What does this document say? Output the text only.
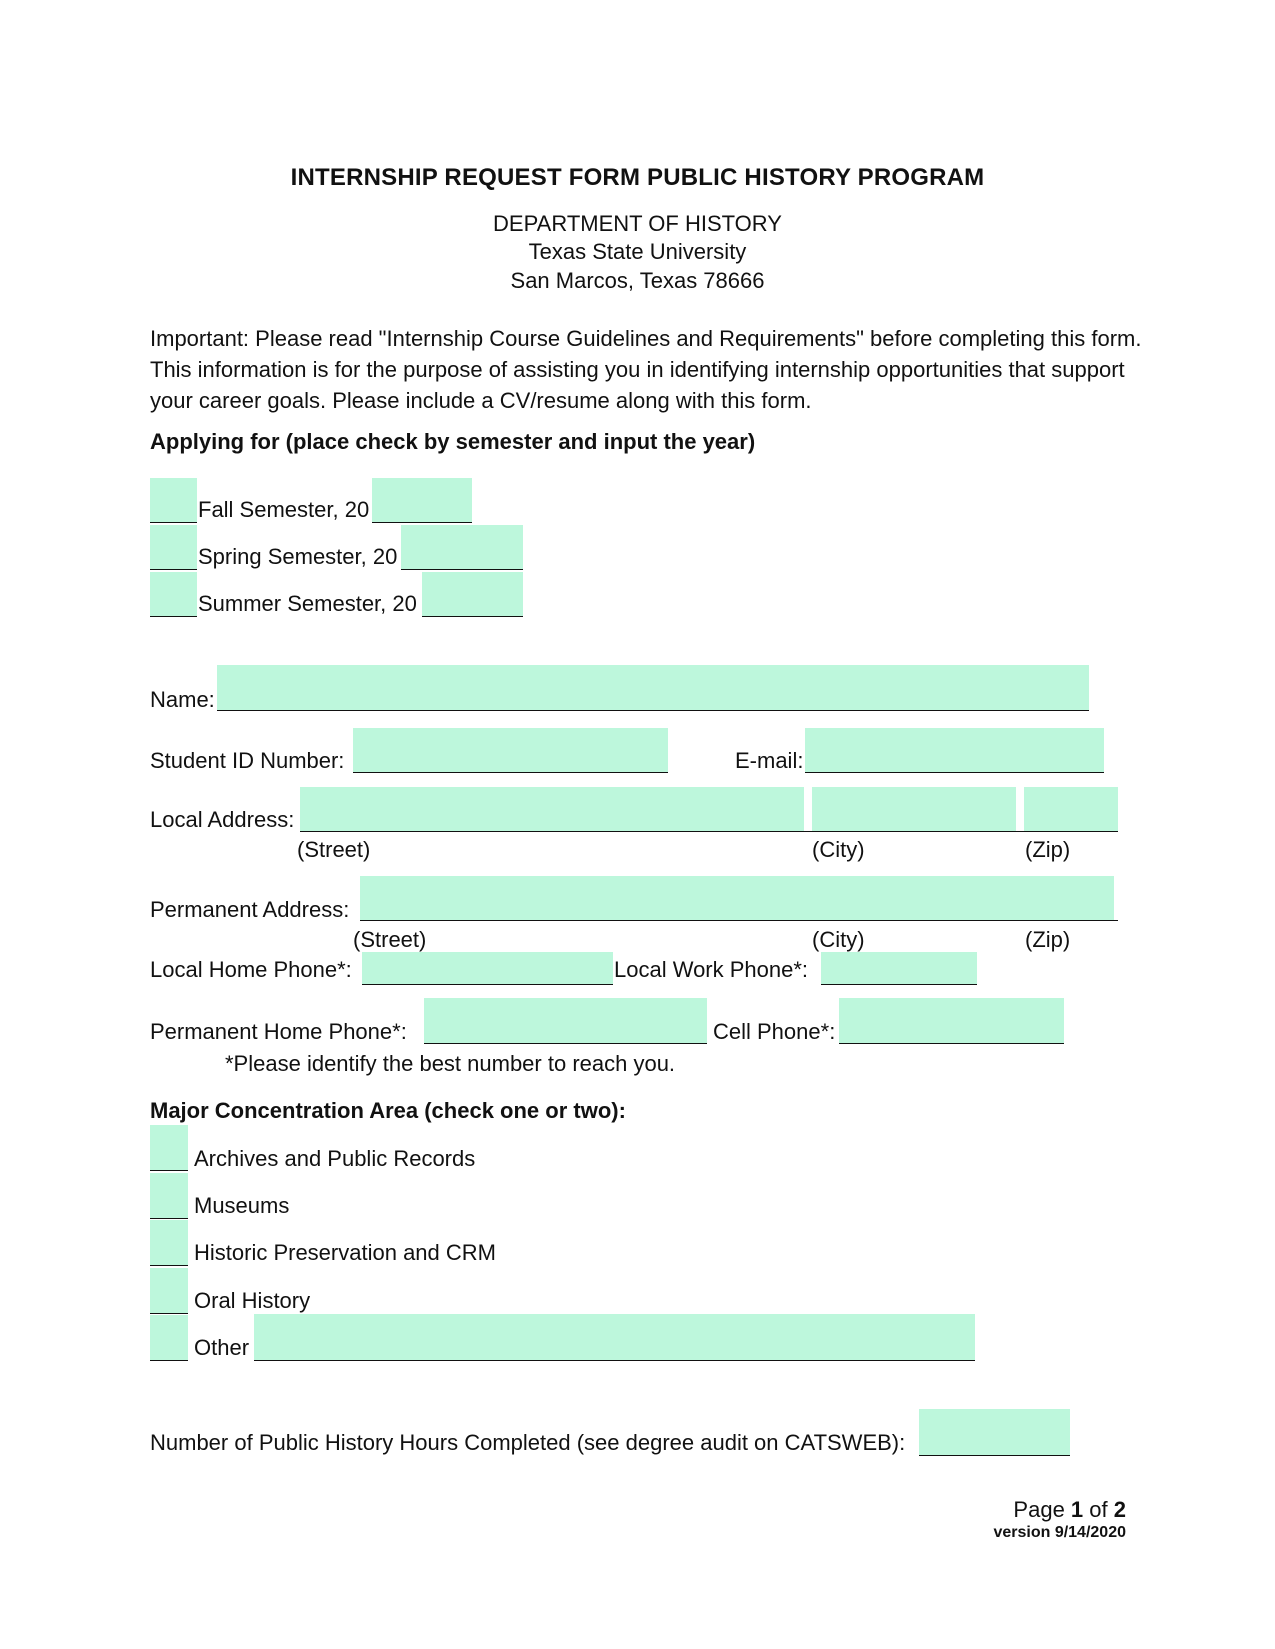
INTERNSHIP REQUEST FORM PUBLIC HISTORY PROGRAM
DEPARTMENT OF HISTORY
Texas State University
San Marcos, Texas 78666
Important: Please read "Internship Course Guidelines and Requirements" before completing this form. This information is for the purpose of assisting you in identifying internship opportunities that support your career goals. Please include a CV/resume along with this form.
Applying for (place check by semester and input the year)
Fall Semester, 20
Spring Semester, 20
Summer Semester, 20
Name:
Student ID Number:	E-mail:
Local Address:
(Street)	(City)	(Zip)
Permanent Address:
(Street)	(City)	(Zip)
Local Home Phone*:	Local Work Phone*:
Permanent Home Phone*:	Cell Phone*:
*Please identify the best number to reach you.
Major Concentration Area (check one or two):
Archives and Public Records
Museums
Historic Preservation and CRM
Oral History
Other
Number of Public History Hours Completed (see degree audit on CATSWEB):
Page 1 of 2
version 9/14/2020
